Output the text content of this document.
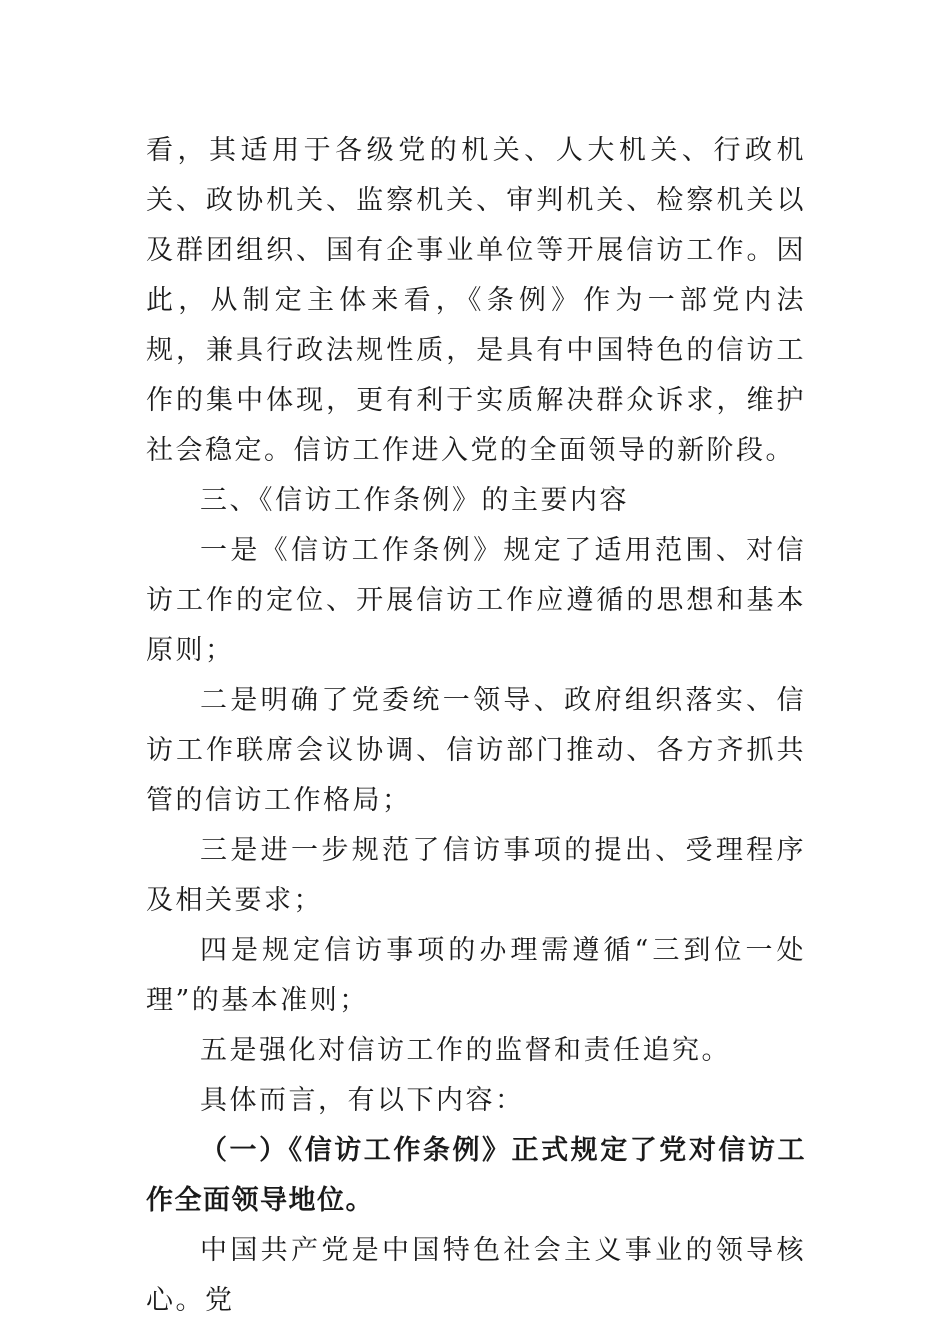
看，其适用于各级党的机关、人大机关、行政机关、政协机关、监察机关、审判机关、检察机关以及群团组织、国有企事业单位等开展信访工作。因此，从制定主体来看，《条例》作为一部党内法规，兼具行政法规性质，是具有中国特色的信访工作的集中体现，更有利于实质解决群众诉求，维护社会稳定。信访工作进入党的全面领导的新阶段。

三、《信访工作条例》的主要内容

一是《信访工作条例》规定了适用范围、对信访工作的定位、开展信访工作应遵循的思想和基本原则；

二是明确了党委统一领导、政府组织落实、信访工作联席会议协调、信访部门推动、各方齐抓共管的信访工作格局；

三是进一步规范了信访事项的提出、受理程序及相关要求；

四是规定信访事项的办理需遵循“三到位一处理”的基本准则；

五是强化对信访工作的监督和责任追究。

具体而言，有以下内容：

（一）《信访工作条例》正式规定了党对信访工作全面领导地位。

中国共产党是中国特色社会主义事业的领导核心。党
